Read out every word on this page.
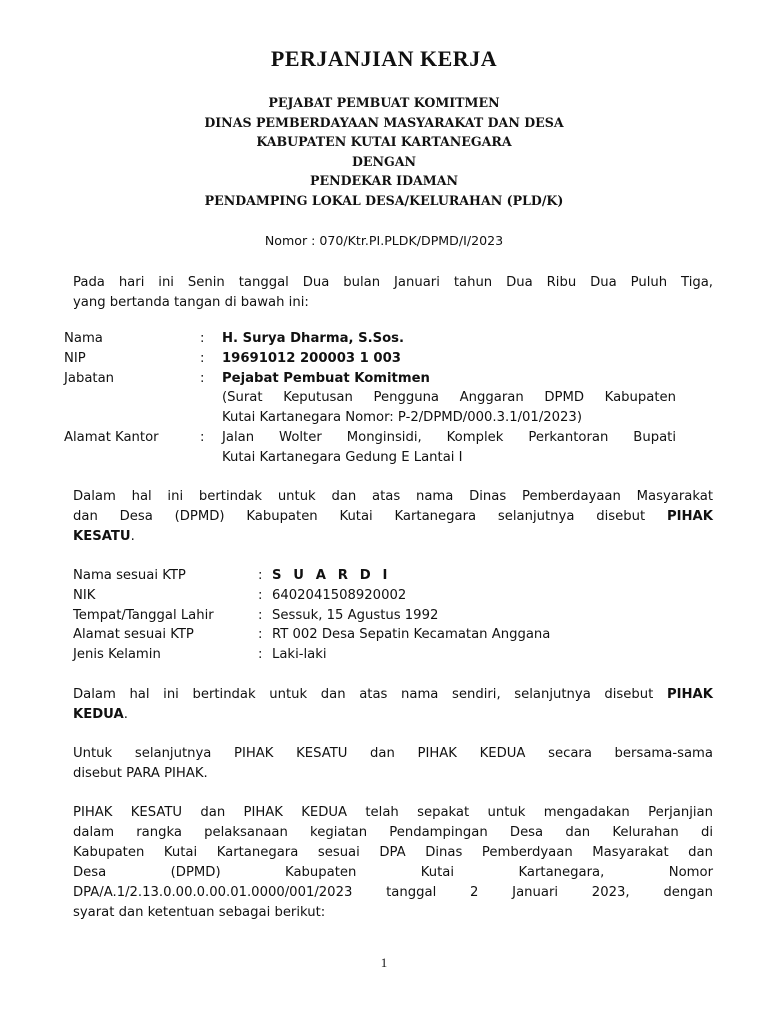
PERJANJIAN KERJA
PEJABAT PEMBUAT KOMITMEN
DINAS PEMBERDAYAAN MASYARAKAT DAN DESA
KABUPATEN KUTAI KARTANEGARA
DENGAN
PENDEKAR IDAMAN
PENDAMPING LOKAL DESA/KELURAHAN (PLD/K)
Nomor : 070/Ktr.PI.PLDK/DPMD/I/2023
Pada hari ini Senin tanggal Dua bulan Januari tahun Dua Ribu Dua Puluh Tiga,
yang bertanda tangan di bawah ini:
Nama	:	H. Surya Dharma, S.Sos.
NIP	:	19691012 200003 1 003
Jabatan	:	Pejabat Pembuat Komitmen
(Surat Keputusan Pengguna Anggaran DPMD Kabupaten
Kutai Kartanegara Nomor: P-2/DPMD/000.3.1/01/2023)
Alamat Kantor	:	Jalan Wolter Monginsidi, Komplek Perkantoran Bupati
Kutai Kartanegara Gedung E Lantai I
Dalam hal ini bertindak untuk dan atas nama Dinas Pemberdayaan Masyarakat
dan Desa (DPMD) Kabupaten Kutai Kartanegara selanjutnya disebut PIHAK
KESATU.
Nama sesuai KTP	: S U A R D I
NIK	: 6402041508920002
Tempat/Tanggal Lahir	: Sessuk, 15 Agustus 1992
Alamat sesuai KTP	: RT 002 Desa Sepatin Kecamatan Anggana
Jenis Kelamin	: Laki-laki
Dalam hal ini bertindak untuk dan atas nama sendiri, selanjutnya disebut PIHAK
KEDUA.
Untuk selanjutnya PIHAK KESATU dan PIHAK KEDUA secara bersama-sama
disebut PARA PIHAK.
PIHAK KESATU dan PIHAK KEDUA telah sepakat untuk mengadakan Perjanjian
dalam rangka pelaksanaan kegiatan Pendampingan Desa dan Kelurahan di
Kabupaten Kutai Kartanegara sesuai DPA Dinas Pemberdyaan Masyarakat dan
Desa (DPMD) Kabupaten Kutai Kartanegara, Nomor
DPA/A.1/2.13.0.00.0.00.01.0000/001/2023 tanggal 2 Januari 2023, dengan
syarat dan ketentuan sebagai berikut:
1
